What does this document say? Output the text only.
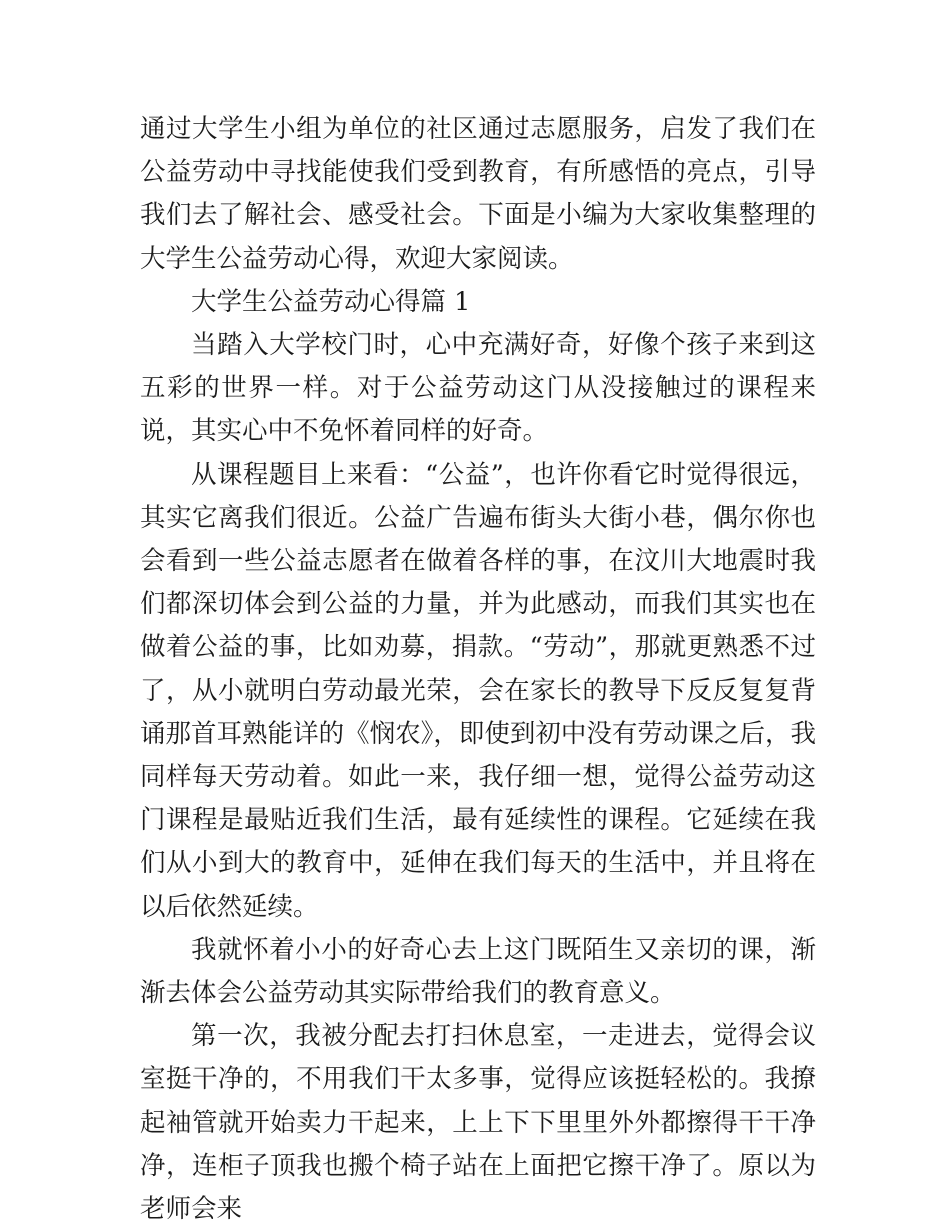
通过大学生小组为单位的社区通过志愿服务，启发了我们在公益劳动中寻找能使我们受到教育，有所感悟的亮点，引导我们去了解社会、感受社会。下面是小编为大家收集整理的大学生公益劳动心得，欢迎大家阅读。

大学生公益劳动心得篇 1

当踏入大学校门时，心中充满好奇，好像个孩子来到这五彩的世界一样。对于公益劳动这门从没接触过的课程来说，其实心中不免怀着同样的好奇。

从课程题目上来看：“公益”，也许你看它时觉得很远，其实它离我们很近。公益广告遍布街头大街小巷，偶尔你也会看到一些公益志愿者在做着各样的事，在汶川大地震时我们都深切体会到公益的力量，并为此感动，而我们其实也在做着公益的事，比如劝募，捐款。“劳动”，那就更熟悉不过了，从小就明白劳动最光荣，会在家长的教导下反反复复背诵那首耳熟能详的《悯农》，即使到初中没有劳动课之后，我同样每天劳动着。如此一来，我仔细一想，觉得公益劳动这门课程是最贴近我们生活，最有延续性的课程。它延续在我们从小到大的教育中，延伸在我们每天的生活中，并且将在以后依然延续。

我就怀着小小的好奇心去上这门既陌生又亲切的课，渐渐去体会公益劳动其实际带给我们的教育意义。

第一次，我被分配去打扫休息室，一走进去，觉得会议室挺干净的，不用我们干太多事，觉得应该挺轻松的。我撩起袖管就开始卖力干起来，上上下下里里外外都擦得干干净净，连柜子顶我也搬个椅子站在上面把它擦干净了。原以为老师会来
